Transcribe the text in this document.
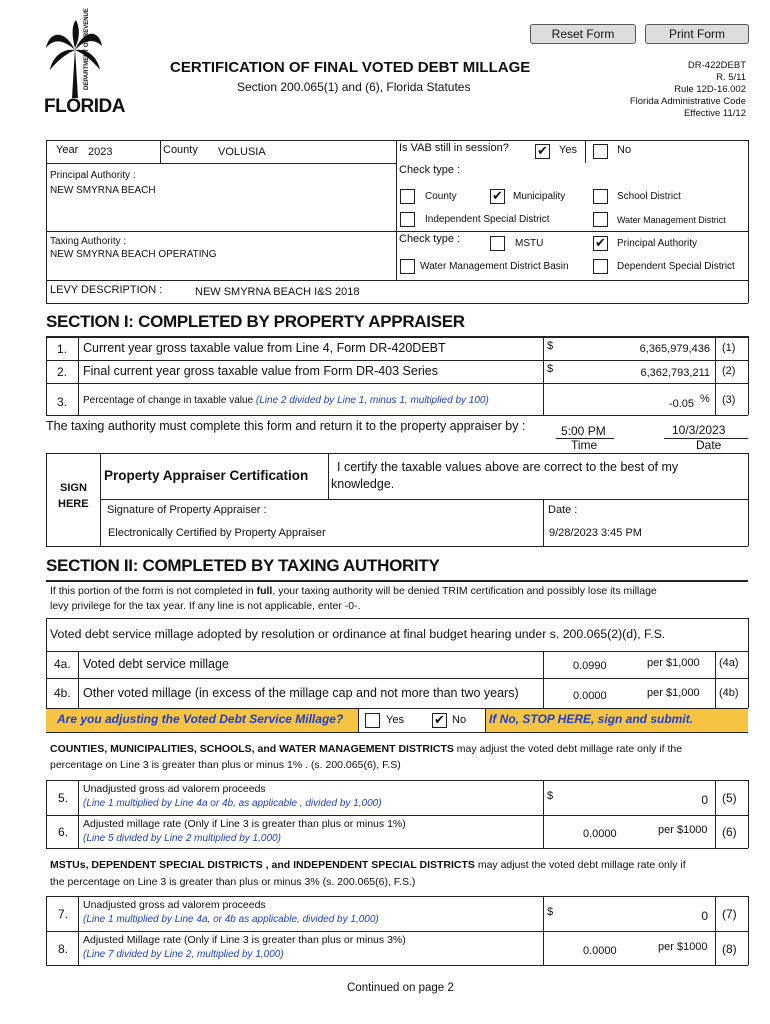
Reset Form	Print Form
DEPARTMENT OF REVENUE
FLORIDA
CERTIFICATION OF FINAL VOTED DEBT MILLAGE
Section 200.065(1) and (6), Florida Statutes
DR-422DEBT
R. 5/11
Rule 12D-16.002
Florida Administrative Code
Effective 11/12
Year 2023	County VOLUSIA	Is VAB still in session? ✔ Yes	No
Principal Authority :
NEW SMYRNA BEACH
Check type :
County	✔ Municipality	School District
Independent Special District	Water Management District
Taxing Authority :
NEW SMYRNA BEACH OPERATING
Check type :	MSTU	✔ Principal Authority
Water Management District Basin	Dependent Special District
LEVY DESCRIPTION :	NEW SMYRNA BEACH I&S 2018
SECTION I: COMPLETED BY PROPERTY APPRAISER
1. Current year gross taxable value from Line 4, Form DR-420DEBT	$	6,365,979,436 (1)
2. Final current year gross taxable value from Form DR-403 Series	$	6,362,793,211 (2)
3. Percentage of change in taxable value (Line 2 divided by Line 1, minus 1, multiplied by 100)	-0.05 % (3)
The taxing authority must complete this form and return it to the property appraiser by :	5:00 PM
Time
10/3/2023
Date
SIGN
HERE
Property Appraiser Certification
I certify the taxable values above are correct to the best of my
knowledge.
Signature of Property Appraiser :	Date :
Electronically Certified by Property Appraiser	9/28/2023 3:45 PM
SECTION II: COMPLETED BY TAXING AUTHORITY
If this portion of the form is not completed in full, your taxing authority will be denied TRIM certification and possibly lose its millage
levy privilege for the tax year. If any line is not applicable, enter -0-.
Voted debt service millage adopted by resolution or ordinance at final budget hearing under s. 200.065(2)(d), F.S.
4a. Voted debt service millage	0.0990	per $1,000 (4a)
4b. Other voted millage (in excess of the millage cap and not more than two years)	0.0000	per $1,000 (4b)
Are you adjusting the Voted Debt Service Millage?	Yes ✔ No If No, STOP HERE, sign and submit.
COUNTIES, MUNICIPALITIES, SCHOOLS, and WATER MANAGEMENT DISTRICTS may adjust the voted debt millage rate only if the
percentage on Line 3 is greater than plus or minus 1% . (s. 200.065(6), F.S)
5.
Unadjusted gross ad valorem proceeds
(Line 1 multiplied by Line 4a or 4b, as applicable , divided by 1,000)
$	0 (5)
6.
Adjusted millage rate (Only if Line 3 is greater than plus or minus 1%)
(Line 5 divided by Line 2 multiplied by 1,000)	0.0000	per $1000 (6)
MSTUs, DEPENDENT SPECIAL DISTRICTS , and INDEPENDENT SPECIAL DISTRICTS may adjust the voted debt millage rate only if
the percentage on Line 3 is greater than plus or minus 3% (s. 200.065(6), F.S.)
7.
Unadjusted gross ad valorem proceeds
(Line 1 multiplied by Line 4a, or 4b as applicable, divided by 1,000)
$	0 (7)
8.
Adjusted Millage rate (Only if Line 3 is greater than plus or minus 3%)
(Line 7 divided by Line 2, multiplied by 1,000)	0.0000	per $1000 (8)
Continued on page 2
